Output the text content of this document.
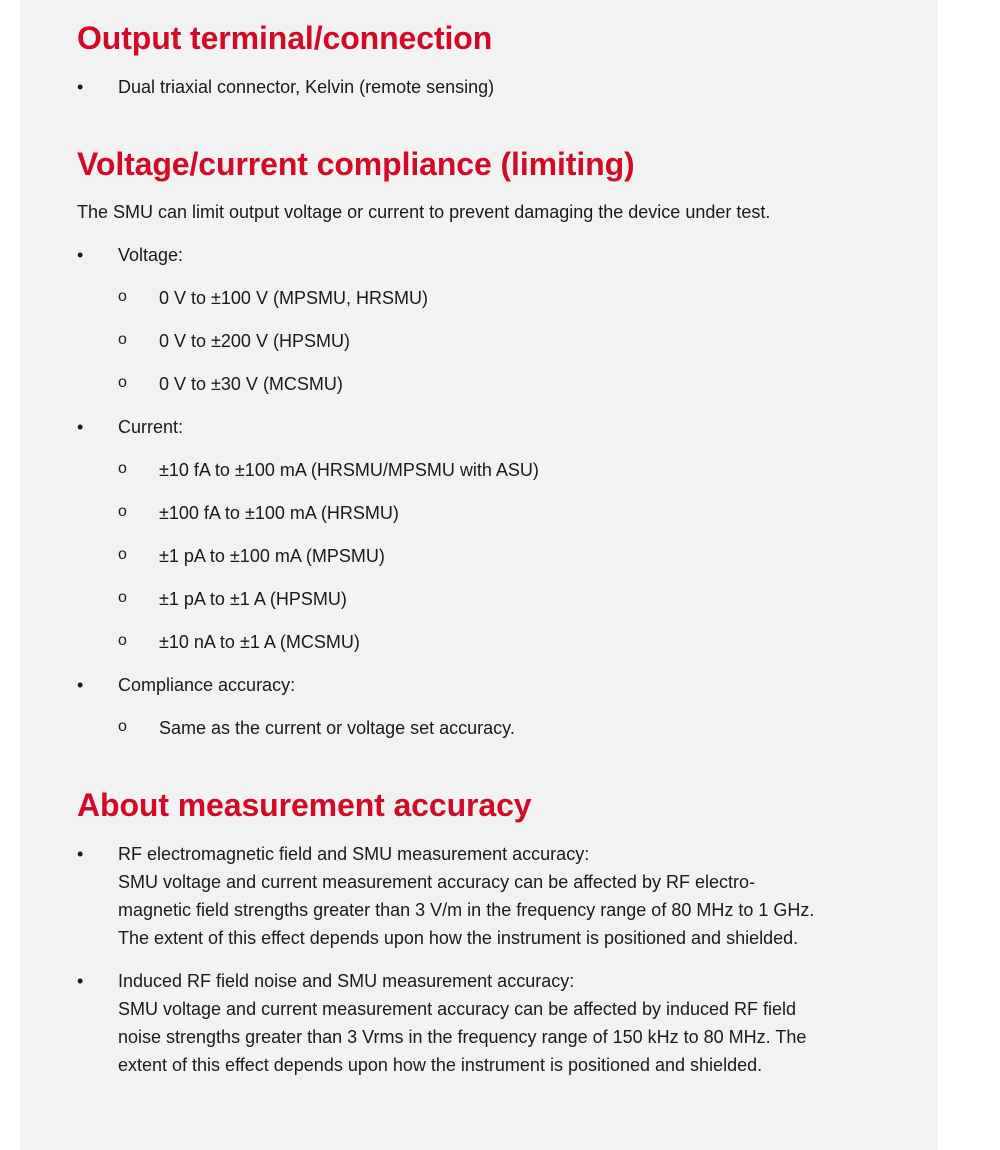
Output terminal/connection
•	Dual triaxial connector, Kelvin (remote sensing)
Voltage/current compliance (limiting)

The SMU can limit output voltage or current to prevent damaging the device under test.

•	Voltage:
o 0 V to ±100 V (MPSMU, HRSMU)
o 0 V to ±200 V (HPSMU)
o 0 V to ±30 V (MCSMU)
•	Current:
o ±10 fA to ±100 mA (HRSMU/MPSMU with ASU)
o ±100 fA to ±100 mA (HRSMU)
o ±1 pA to ±100 mA (MPSMU)
o ±1 pA to ±1 A (HPSMU)
o ±10 nA to ±1 A (MCSMU)
•	Compliance accuracy:
o Same as the current or voltage set accuracy.
About measurement accuracy
•	RF electromagnetic field and SMU measurement accuracy:
SMU voltage and current measurement accuracy can be affected by RF electro-
magnetic field strengths greater than 3 V/m in the frequency range of 80 MHz to 1 GHz.
The extent of this effect depends upon how the instrument is positioned and shielded.
•	Induced RF field noise and SMU measurement accuracy:
SMU voltage and current measurement accuracy can be affected by induced RF field
noise strengths greater than 3 Vrms in the frequency range of 150 kHz to 80 MHz. The
extent of this effect depends upon how the instrument is positioned and shielded.
